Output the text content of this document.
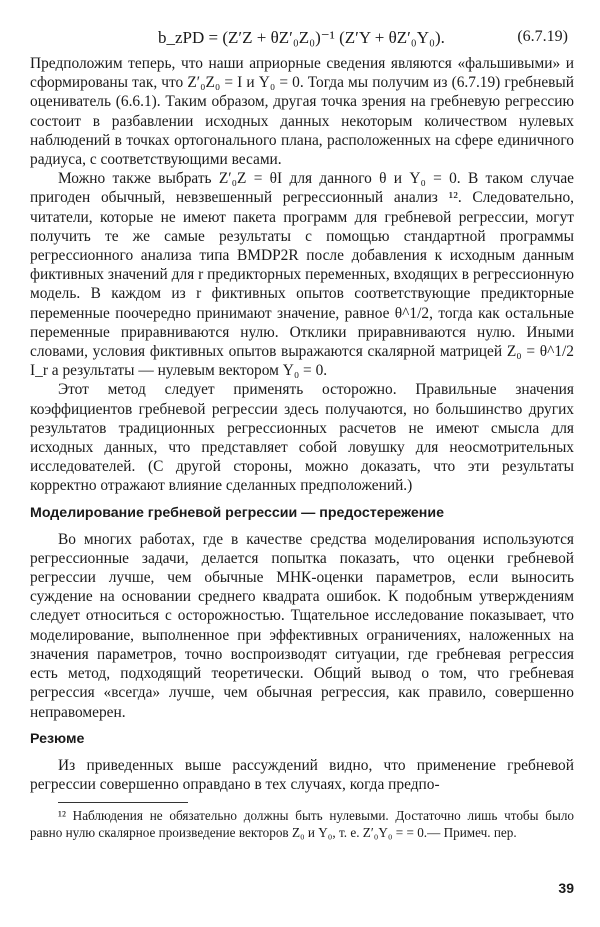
b_zPD = (Z′Z + θZ′₀Z₀)⁻¹ (Z′Y + θZ′₀Y₀).	(6.7.19)

Предположим теперь, что наши априорные сведения являются «фальшивыми» и сформированы так, что Z′₀Z₀ = I и Y₀ = 0. Тогда мы получим из (6.7.19) гребневый оцениватель (6.6.1). Таким образом, другая точка зрения на гребневую регрессию состоит в разбавлении исходных данных некоторым количеством нулевых наблюдений в точках ортогонального плана, расположенных на сфере единичного радиуса, с соответствующими весами.

Можно также выбрать Z′₀Z = θI для данного θ и Y₀ = 0. В таком случае пригоден обычный, невзвешенный регрессионный анализ ¹². Следовательно, читатели, которые не имеют пакета программ для гребневой регрессии, могут получить те же самые результаты с помощью стандартной программы регрессионного анализа типа BMDP2R после добавления к исходным данным фиктивных значений для r предикторных переменных, входящих в регрессионную модель. В каждом из r фиктивных опытов соответствующие предикторные переменные поочередно принимают значение, равное θ^1/2, тогда как остальные переменные приравниваются нулю. Отклики приравниваются нулю. Иными словами, условия фиктивных опытов выражаются скалярной матрицей Z₀ = θ^1/2 I_r а результаты — нулевым вектором Y₀ = 0.

Этот метод следует применять осторожно. Правильные значения коэффициентов гребневой регрессии здесь получаются, но большинство других результатов традиционных регрессионных расчетов не имеют смысла для исходных данных, что представляет собой ловушку для неосмотрительных исследователей. (С другой стороны, можно доказать, что эти результаты корректно отражают влияние сделанных предположений.)

Моделирование гребневой регрессии — предостережение

Во многих работах, где в качестве средства моделирования используются регрессионные задачи, делается попытка показать, что оценки гребневой регрессии лучше, чем обычные МНК-оценки параметров, если выносить суждение на основании среднего квадрата ошибок. К подобным утверждениям следует относиться с осторожностью. Тщательное исследование показывает, что моделирование, выполненное при эффективных ограничениях, наложенных на значения параметров, точно воспроизводят ситуации, где гребневая регрессия есть метод, подходящий теоретически. Общий вывод о том, что гребневая регрессия «всегда» лучше, чем обычная регрессия, как правило, совершенно неправомерен.

Резюме

Из приведенных выше рассуждений видно, что применение гребневой регрессии совершенно оправдано в тех случаях, когда предпо-

¹² Наблюдения не обязательно должны быть нулевыми. Достаточно лишь чтобы было равно нулю скалярное произведение векторов Z₀ и Y₀, т. е. Z′₀Y₀ = = 0.— Примеч. пер.

39
